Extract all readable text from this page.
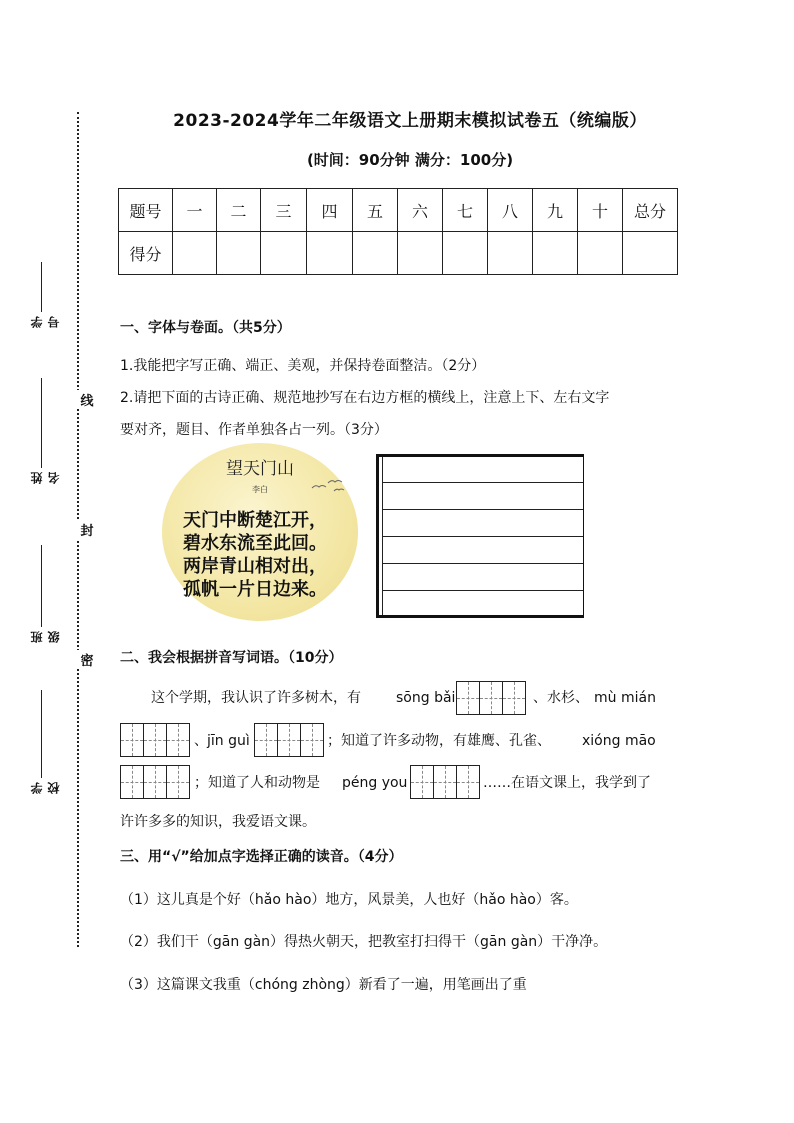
线
封
密
学号
姓名
班级
学校
2023-2024学年二年级语文上册期末模拟试卷五（统编版）
(时间：90分钟 满分：100分)
题号	一	二	三	四	五	六	七	八	九	十	总分
得分											
一、字体与卷面。（共5分）
1.我能把字写正确、端正、美观，并保持卷面整洁。（2分）
2.请把下面的古诗正确、规范地抄写在右边方框的横线上，注意上下、左右文字
要对齐，题目、作者单独各占一列。（3分）
望天门山
李白
天门中断楚江开，
碧水东流至此回。
两岸青山相对出，
孤帆一片日边来。
二、我会根据拼音写词语。（10分）
这个学期，我认识了许多树木，有	sōng bǎi	、水杉、 mù mián
、 jīn guì	；知道了许多动物，有雄鹰、孔雀、 xióng māo
；知道了人和动物是 péng you	……在语文课上，我学到了
许许多多的知识，我爱语文课。
三、用“√”给加点字选择正确的读音。（4分）
（1）这儿真是个好（hǎo hào）地方，风景美，人也好（hǎo hào）客。
（2）我们干（gān gàn）得热火朝天，把教室打扫得干（gān gàn）干净净。
（3）这篇课文我重（chóng zhòng）新看了一遍，用笔画出了重
